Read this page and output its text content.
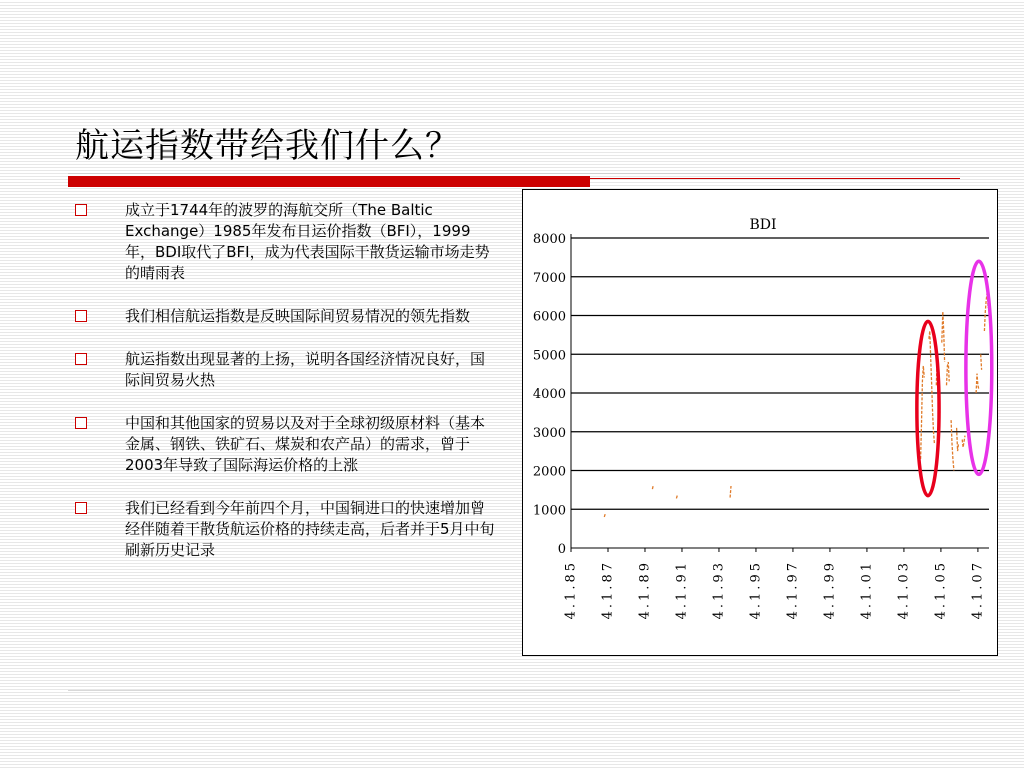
航运指数带给我们什么？
成立于1744年的波罗的海航交所（The Baltic Exchange）1985年发布日运价指数（BFI），1999年，BDI取代了BFI，成为代表国际干散货运输市场走势的晴雨表
我们相信航运指数是反映国际间贸易情况的领先指数
航运指数出现显著的上扬，说明各国经济情况良好，国际间贸易火热
中国和其他国家的贸易以及对于全球初级原材料（基本金属、钢铁、铁矿石、煤炭和农产品）的需求，曾于2003年导致了国际海运价格的上涨
我们已经看到今年前四个月，中国铜进口的快速增加曾经伴随着干散货航运价格的持续走高，后者并于5月中旬刷新历史记录	0
1000
2000
3000
4000
5000
6000
7000
8000
4.1.85 4.1.87 4.1.89 4.1.91 4.1.93 4.1.95 4.1.97 4.1.99 4.1.01 4.1.03 4.1.05 4.1.07
BDI
